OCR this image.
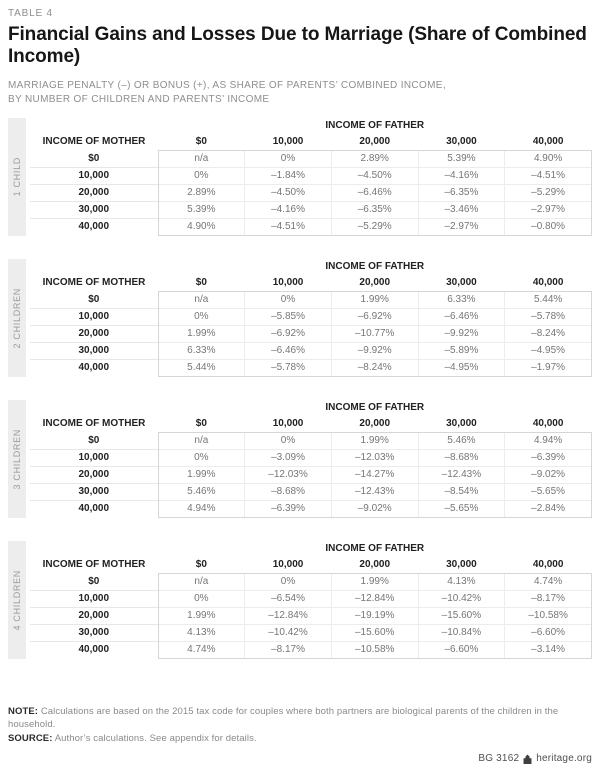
TABLE 4
Financial Gains and Losses Due to Marriage (Share of Combined Income)
MARRIAGE PENALTY (–) OR BONUS (+), AS SHARE OF PARENTS’ COMBINED INCOME,
BY NUMBER OF CHILDREN AND PARENTS’ INCOME
1 CHILD
	INCOME OF FATHER				
INCOME OF MOTHER	$0	10,000	20,000	30,000	40,000
$0	n/a	0%	2.89%	5.39%	4.90%
10,000	0%	–1.84%	–4.50%	–4.16%	–4.51%
20,000	2.89%	–4.50%	–6.46%	–6.35%	–5.29%
30,000	5.39%	–4.16%	–6.35%	–3.46%	–2.97%
40,000	4.90%	–4.51%	–5.29%	–2.97%	–0.80%
2 CHILDREN
	INCOME OF FATHER				
INCOME OF MOTHER	$0	10,000	20,000	30,000	40,000
$0	n/a	0%	1.99%	6.33%	5.44%
10,000	0%	–5.85%	–6.92%	–6.46%	–5.78%
20,000	1.99%	–6.92%	–10.77%	–9.92%	–8.24%
30,000	6.33%	–6.46%	–9.92%	–5.89%	–4.95%
40,000	5.44%	–5.78%	–8.24%	–4.95%	–1.97%
3 CHILDREN
	INCOME OF FATHER				
INCOME OF MOTHER	$0	10,000	20,000	30,000	40,000
$0	n/a	0%	1.99%	5.46%	4.94%
10,000	0%	–3.09%	–12.03%	–8.68%	–6.39%
20,000	1.99%	–12.03%	–14.27%	–12.43%	–9.02%
30,000	5.46%	–8.68%	–12.43%	–8.54%	–5.65%
40,000	4.94%	–6.39%	–9.02%	–5.65%	–2.84%
4 CHILDREN
	INCOME OF FATHER				
INCOME OF MOTHER	$0	10,000	20,000	30,000	40,000
$0	n/a	0%	1.99%	4.13%	4.74%
10,000	0%	–6.54%	–12.84%	–10.42%	–8.17%
20,000	1.99%	–12.84%	–19.19%	–15.60%	–10.58%
30,000	4.13%	–10.42%	–15.60%	–10.84%	–6.60%
40,000	4.74%	–8.17%	–10.58%	–6.60%	–3.14%
NOTE: Calculations are based on the 2015 tax code for couples where both partners are biological parents of the children in the household.
SOURCE: Author’s calculations. See appendix for details.
BG 3162 heritage.org
